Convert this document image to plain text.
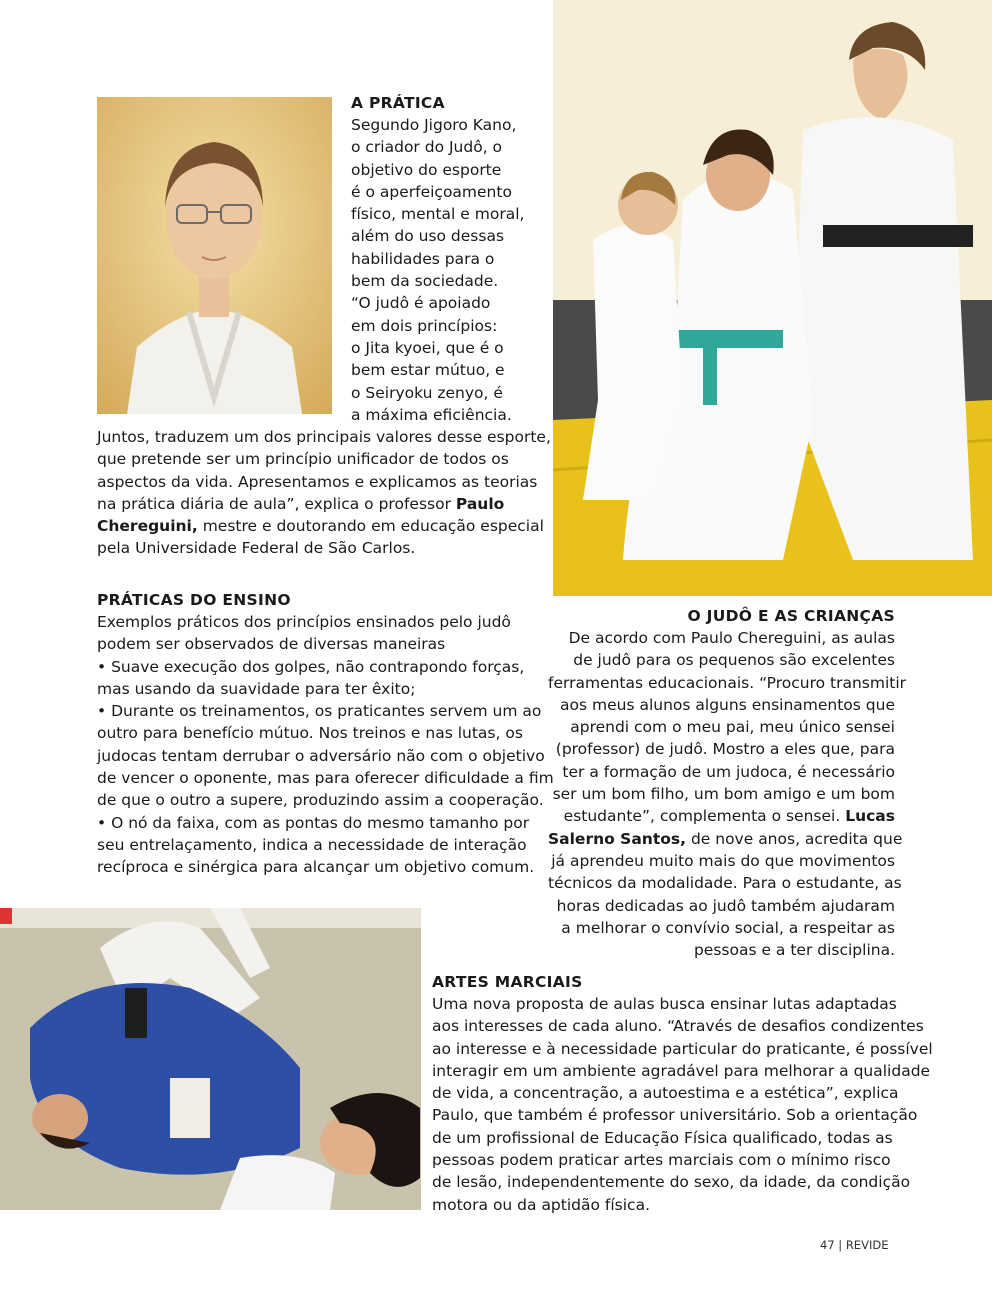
A PRÁTICA

Segundo Jigoro Kano,
o criador do Judô, o
objetivo do esporte
é o aperfeiçoamento
físico, mental e moral,
além do uso dessas
habilidades para o
bem da sociedade.
“O judô é apoiado
em dois princípios:
o Jita kyoei, que é o
bem estar mútuo, e
o Seiryoku zenyo, é
a máxima eficiência.
Juntos, traduzem um dos principais valores desse esporte,
que pretende ser um princípio unificador de todos os
aspectos da vida. Apresentamos e explicamos as teorias
na prática diária de aula”, explica o professor Paulo
Chereguini, mestre e doutorando em educação especial
pela Universidade Federal de São Carlos.

PRÁTICAS DO ENSINO

Exemplos práticos dos princípios ensinados pelo judô
podem ser observados de diversas maneiras
• Suave execução dos golpes, não contrapondo forças,
mas usando da suavidade para ter êxito;
• Durante os treinamentos, os praticantes servem um ao
outro para benefício mútuo. Nos treinos e nas lutas, os
judocas tentam derrubar o adversário não com o objetivo
de vencer o oponente, mas para oferecer dificuldade a fim
de que o outro a supere, produzindo assim a cooperação.
• O nó da faixa, com as pontas do mesmo tamanho por
seu entrelaçamento, indica a necessidade de interação
recíproca e sinérgica para alcançar um objetivo comum.

O JUDÔ E AS CRIANÇAS

De acordo com Paulo Chereguini, as aulas
de judô para os pequenos são excelentes
ferramentas educacionais. “Procuro transmitir
aos meus alunos alguns ensinamentos que
aprendi com o meu pai, meu único sensei
(professor) de judô. Mostro a eles que, para
ter a formação de um judoca, é necessário
ser um bom filho, um bom amigo e um bom
estudante”, complementa o sensei. Lucas
Salerno Santos, de nove anos, acredita que
já aprendeu muito mais do que movimentos
técnicos da modalidade. Para o estudante, as
horas dedicadas ao judô também ajudaram
a melhorar o convívio social, a respeitar as
pessoas e a ter disciplina.

ARTES MARCIAIS

Uma nova proposta de aulas busca ensinar lutas adaptadas
aos interesses de cada aluno. “Através de desafios condizentes
ao interesse e à necessidade particular do praticante, é possível
interagir em um ambiente agradável para melhorar a qualidade
de vida, a concentração, a autoestima e a estética”, explica
Paulo, que também é professor universitário. Sob a orientação
de um profissional de Educação Física qualificado, todas as
pessoas podem praticar artes marciais com o mínimo risco
de lesão, independentemente do sexo, da idade, da condição
motora ou da aptidão física.
47 | REVIDE
